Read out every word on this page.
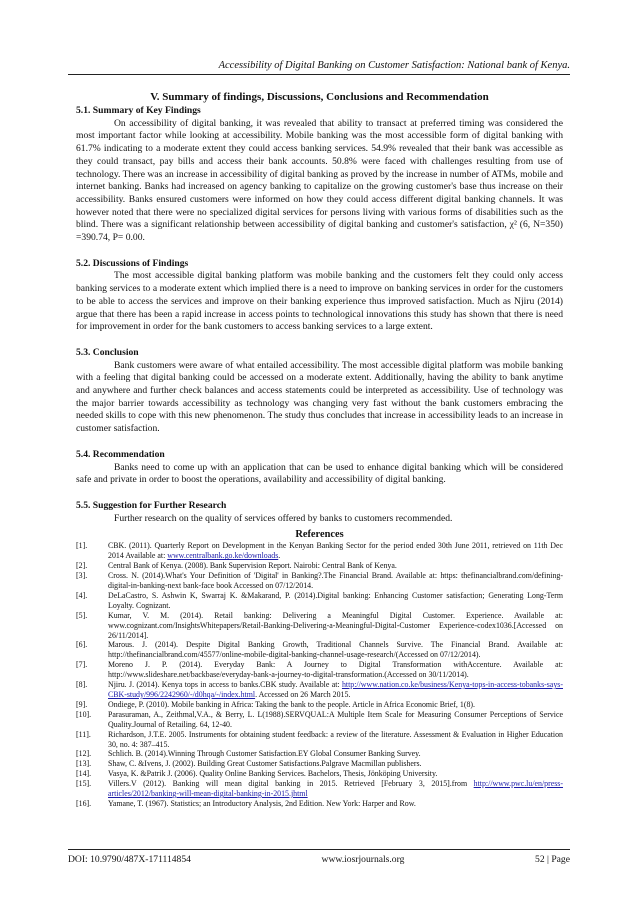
Accessibility of Digital Banking on Customer Satisfaction: National bank of Kenya.
V. Summary of findings, Discussions, Conclusions and Recommendation
5.1. Summary of Key Findings

On accessibility of digital banking, it was revealed that ability to transact at preferred timing was considered the most important factor while looking at accessibility. Mobile banking was the most accessible form of digital banking with 61.7% indicating to a moderate extent they could access banking services. 54.9% revealed that their bank was accessible as they could transact, pay bills and access their bank accounts. 50.8% were faced with challenges resulting from use of technology. There was an increase in accessibility of digital banking as proved by the increase in number of ATMs, mobile and internet banking. Banks had increased on agency banking to capitalize on the growing customer's base thus increase on their accessibility. Banks ensured customers were informed on how they could access different digital banking channels. It was however noted that there were no specialized digital services for persons living with various forms of disabilities such as the blind. There was a significant relationship between accessibility of digital banking and customer's satisfaction, χ² (6, N=350) =390.74, P= 0.00.

5.2. Discussions of Findings

The most accessible digital banking platform was mobile banking and the customers felt they could only access banking services to a moderate extent which implied there is a need to improve on banking services in order for the customers to be able to access the services and improve on their banking experience thus improved satisfaction. Much as Njiru (2014) argue that there has been a rapid increase in access points to technological innovations this study has shown that there is need for improvement in order for the bank customers to access banking services to a large extent.

5.3. Conclusion

Bank customers were aware of what entailed accessibility. The most accessible digital platform was mobile banking with a feeling that digital banking could be accessed on a moderate extent. Additionally, having the ability to bank anytime and anywhere and further check balances and access statements could be interpreted as accessibility. Use of technology was the major barrier towards accessibility as technology was changing very fast without the bank customers embracing the needed skills to cope with this new phenomenon. The study thus concludes that increase in accessibility leads to an increase in customer satisfaction.

5.4. Recommendation

Banks need to come up with an application that can be used to enhance digital banking which will be considered safe and private in order to boost the operations, availability and accessibility of digital banking.

5.5. Suggestion for Further Research

Further research on the quality of services offered by banks to customers recommended.

References
[1].	CBK. (2011). Quarterly Report on Development in the Kenyan Banking Sector for the period ended 30th June 2011, retrieved on 11th Dec 2014 Available at: www.centralbank.go.ke/downloads.
[2].	Central Bank of Kenya. (2008). Bank Supervision Report. Nairobi: Central Bank of Kenya.
[3].	Cross. N. (2014).What's Your Definition of 'Digital' in Banking?.The Financial Brand. Available at: https: thefinancialbrand.com/defining-digital-in-banking-next bank-face book Accessed on 07/12/2014.
[4].	DeLaCastro, S. Ashwin K, Swarraj K. &Makarand, P. (2014).Digital banking: Enhancing Customer satisfaction; Generating Long-Term Loyalty. Cognizant.
[5].	Kumar, V. M. (2014). Retail banking: Delivering a Meaningful Digital Customer. Experience. Available at: www.cognizant.com/InsightsWhitepapers/Retail-Banking-Delivering-a-Meaningful-Digital-Customer Experience-codex1036.[Accessed on 26/11/2014].
[6].	Marous. J. (2014). Despite Digital Banking Growth, Traditional Channels Survive. The Financial Brand. Available at: http://thefinancialbrand.com/45577/online-mobile-digital-banking-channel-usage-research/(Accessed on 07/12/2014).
[7].	Moreno J. P. (2014). Everyday Bank: A Journey to Digital Transformation withAccenture. Available at: http://www.slideshare.net/backbase/everyday-bank-a-journey-to-digital-transformation.(Accessed on 30/11/2014).
[8].	Njiru. J. (2014). Kenya tops in access to banks.CBK study. Available at: http://www.nation.co.ke/business/Kenya-tops-in-access-tobanks-says-CBK-study/996/2242960/-/d0hqa/-/index.html. Accessed on 26 March 2015.
[9].	Ondiege, P. (2010). Mobile banking in Africa: Taking the bank to the people. Article in Africa Economic Brief, 1(8).
[10].	Parasuraman, A., Zeithmal,V.A., & Berry, L. L(1988).SERVQUAL:A Multiple Item Scale for Measuring Consumer Perceptions of Service Quality.Journal of Retailing. 64, 12-40.
[11].	Richardson, J.T.E. 2005. Instruments for obtaining student feedback: a review of the literature. Assessment & Evaluation in Higher Education 30, no. 4: 387–415.
[12].	Schlich. B. (2014).Winning Through Customer Satisfaction.EY Global Consumer Banking Survey.
[13].	Shaw, C. &Ivens, J. (2002). Building Great Customer Satisfactions.Palgrave Macmillan publishers.
[14].	Vasya, K. &Patrik J. (2006). Quality Online Banking Services. Bachelors, Thesis, Jönköping University.
[15].	Villers.V (2012). Banking will mean digital banking in 2015. Retrieved [February 3, 2015].from http://www.pwc.lu/en/press-articles/2012/banking-will-mean-digital-banking-in-2015.jhtml
[16].	Yamane, T. (1967). Statistics; an Introductory Analysis, 2nd Edition. New York: Harper and Row.
DOI: 10.9790/487X-171114854	www.iosrjournals.org	52 | Page
